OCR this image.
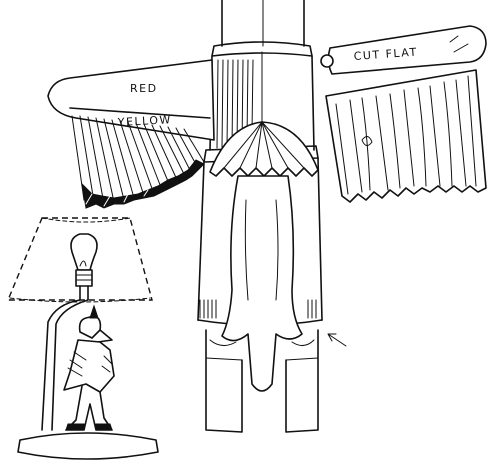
RED
YELLOW
CUT FLAT
